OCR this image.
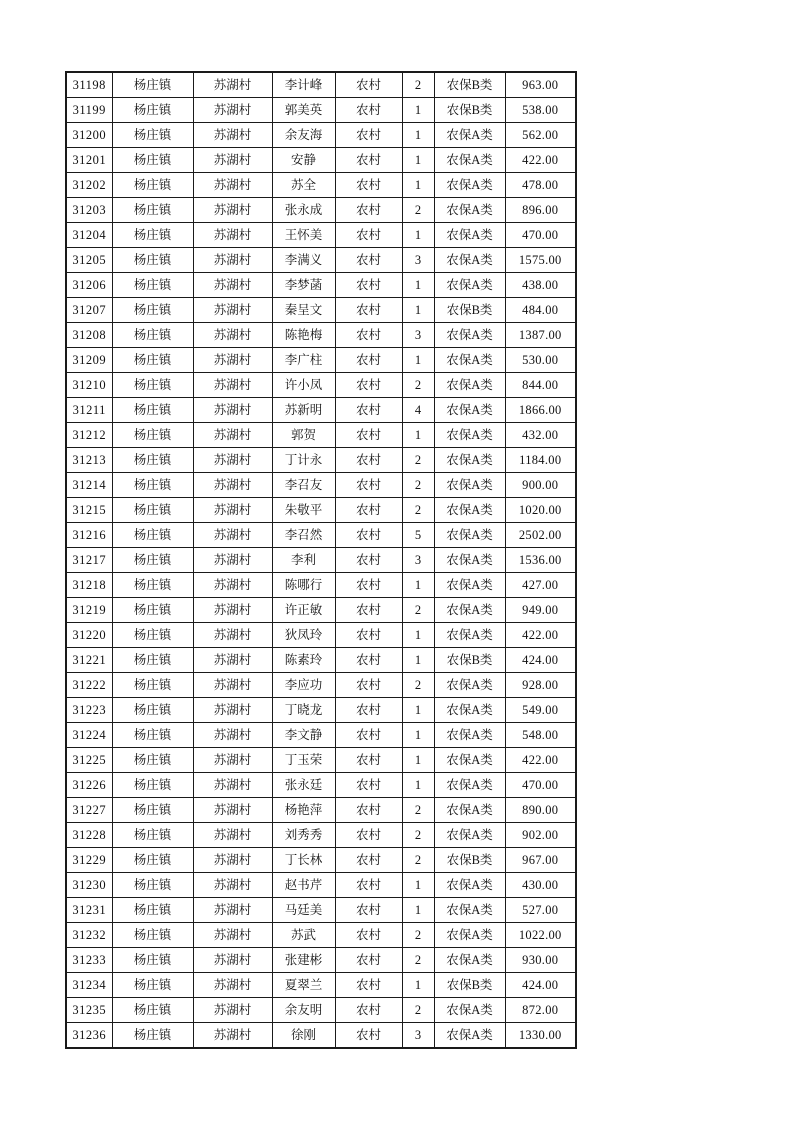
31198	杨庄镇	苏湖村	李计峰	农村	2	农保B类	963.00
31199	杨庄镇	苏湖村	郭美英	农村	1	农保B类	538.00
31200	杨庄镇	苏湖村	余友海	农村	1	农保A类	562.00
31201	杨庄镇	苏湖村	安静	农村	1	农保A类	422.00
31202	杨庄镇	苏湖村	苏全	农村	1	农保A类	478.00
31203	杨庄镇	苏湖村	张永成	农村	2	农保A类	896.00
31204	杨庄镇	苏湖村	王怀美	农村	1	农保A类	470.00
31205	杨庄镇	苏湖村	李满义	农村	3	农保A类	1575.00
31206	杨庄镇	苏湖村	李梦菡	农村	1	农保A类	438.00
31207	杨庄镇	苏湖村	秦呈文	农村	1	农保B类	484.00
31208	杨庄镇	苏湖村	陈艳梅	农村	3	农保A类	1387.00
31209	杨庄镇	苏湖村	李广柱	农村	1	农保A类	530.00
31210	杨庄镇	苏湖村	许小凤	农村	2	农保A类	844.00
31211	杨庄镇	苏湖村	苏新明	农村	4	农保A类	1866.00
31212	杨庄镇	苏湖村	郭贺	农村	1	农保A类	432.00
31213	杨庄镇	苏湖村	丁计永	农村	2	农保A类	1184.00
31214	杨庄镇	苏湖村	李召友	农村	2	农保A类	900.00
31215	杨庄镇	苏湖村	朱敬平	农村	2	农保A类	1020.00
31216	杨庄镇	苏湖村	李召然	农村	5	农保A类	2502.00
31217	杨庄镇	苏湖村	李利	农村	3	农保A类	1536.00
31218	杨庄镇	苏湖村	陈哪行	农村	1	农保A类	427.00
31219	杨庄镇	苏湖村	许正敏	农村	2	农保A类	949.00
31220	杨庄镇	苏湖村	狄凤玲	农村	1	农保A类	422.00
31221	杨庄镇	苏湖村	陈素玲	农村	1	农保B类	424.00
31222	杨庄镇	苏湖村	李应功	农村	2	农保A类	928.00
31223	杨庄镇	苏湖村	丁晓龙	农村	1	农保A类	549.00
31224	杨庄镇	苏湖村	李文静	农村	1	农保A类	548.00
31225	杨庄镇	苏湖村	丁玉荣	农村	1	农保A类	422.00
31226	杨庄镇	苏湖村	张永廷	农村	1	农保A类	470.00
31227	杨庄镇	苏湖村	杨艳萍	农村	2	农保A类	890.00
31228	杨庄镇	苏湖村	刘秀秀	农村	2	农保A类	902.00
31229	杨庄镇	苏湖村	丁长林	农村	2	农保B类	967.00
31230	杨庄镇	苏湖村	赵书芹	农村	1	农保A类	430.00
31231	杨庄镇	苏湖村	马廷美	农村	1	农保A类	527.00
31232	杨庄镇	苏湖村	苏武	农村	2	农保A类	1022.00
31233	杨庄镇	苏湖村	张建彬	农村	2	农保A类	930.00
31234	杨庄镇	苏湖村	夏翠兰	农村	1	农保B类	424.00
31235	杨庄镇	苏湖村	余友明	农村	2	农保A类	872.00
31236	杨庄镇	苏湖村	徐刚	农村	3	农保A类	1330.00
